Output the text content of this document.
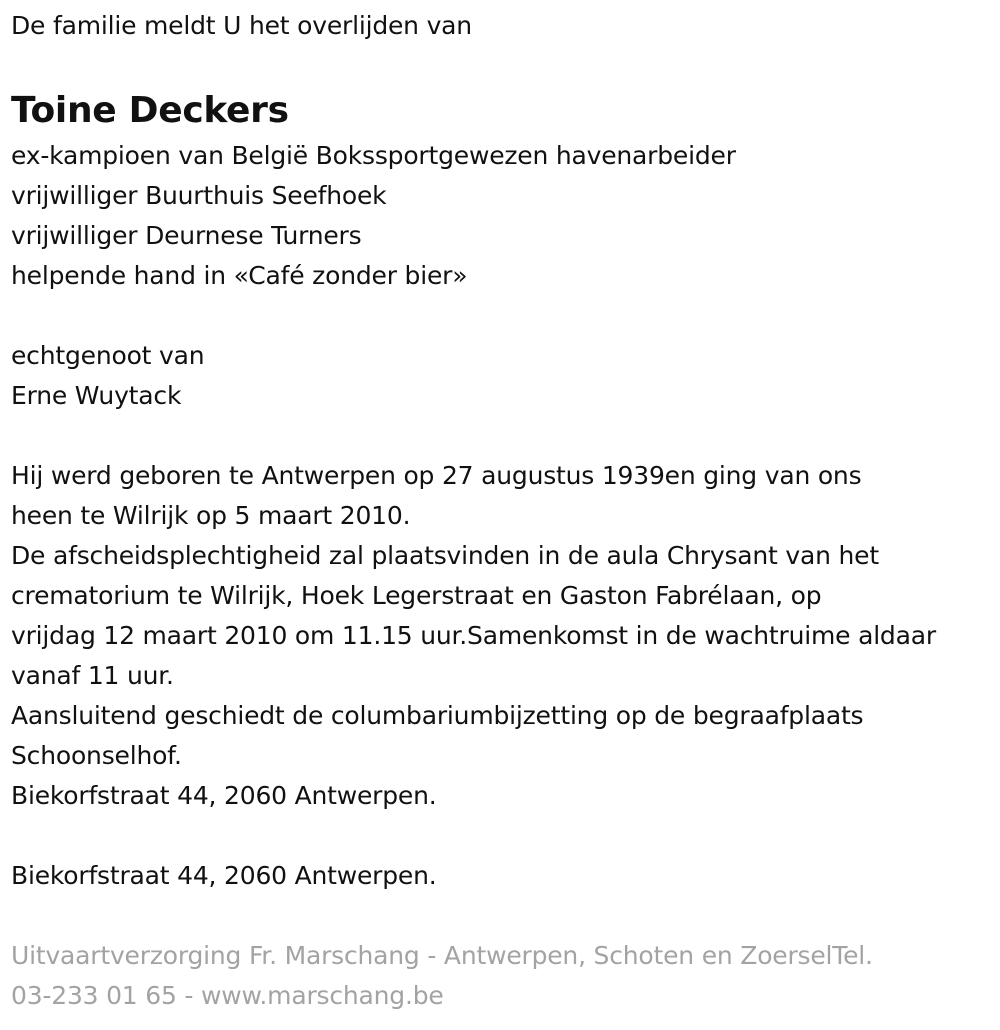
De familie meldt U het overlijden van
Toine Deckers
ex-kampioen van België Bokssportgewezen havenarbeider
vrijwilliger Buurthuis Seefhoek
vrijwilliger Deurnese Turners
helpende hand in «Café zonder bier»
echtgenoot van
Erne Wuytack
Hij werd geboren te Antwerpen op 27 augustus 1939en ging van ons
heen te Wilrijk op 5 maart 2010.
De afscheidsplechtigheid zal plaatsvinden in de aula Chrysant van het
crematorium te Wilrijk, Hoek Legerstraat en Gaston Fabrélaan, op
vrijdag 12 maart 2010 om 11.15 uur.Samenkomst in de wachtruime aldaar
vanaf 11 uur.
Aansluitend geschiedt de columbariumbijzetting op de begraafplaats
Schoonselhof.
Biekorfstraat 44, 2060 Antwerpen.
Biekorfstraat 44, 2060 Antwerpen.
Uitvaartverzorging Fr. Marschang - Antwerpen, Schoten en ZoerselTel.
03-233 01 65 - www.marschang.be
